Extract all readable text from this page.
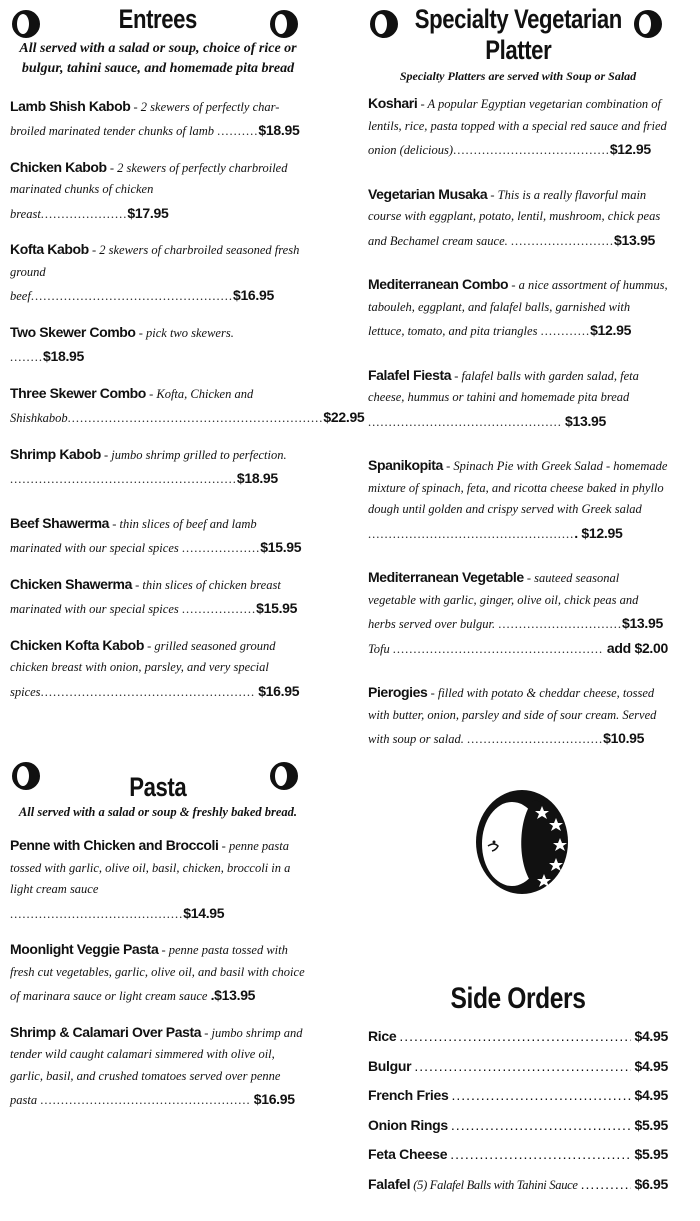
Entrees
All served with a salad or soup, choice of rice or bulgur, tahini sauce, and homemade pita bread
Lamb Shish Kabob - 2 skewers of perfectly char-broiled marinated tender chunks of lamb ..........$18.95
Chicken Kabob - 2 skewers of perfectly charbroiled marinated chunks of chicken breast.....................$17.95
Kofta Kabob - 2 skewers of charbroiled seasoned fresh ground beef.................................................$16.95
Two Skewer Combo - pick two skewers. ........$18.95
Three Skewer Combo - Kofta, Chicken and Shishkabob..............................................................$22.95
Shrimp Kabob - jumbo shrimp grilled to perfection. .......................................................$18.95
Beef Shawerma - thin slices of beef and lamb marinated with our special spices ...................$15.95
Chicken Shawerma - thin slices of chicken breast marinated with our special spices ..................$15.95
Chicken Kofta Kabob - grilled seasoned ground chicken breast with onion, parsley, and very special spices.................................................... $16.95
Pasta
All served with a salad or soup & freshly baked bread.
Penne with Chicken and Broccoli - penne pasta tossed with garlic, olive oil, basil, chicken, broccoli in a light cream sauce ..........................................$14.95
Moonlight Veggie Pasta - penne pasta tossed with fresh cut vegetables, garlic, olive oil, and basil with choice of marinara sauce or light cream sauce .$13.95
Shrimp & Calamari Over Pasta - jumbo shrimp and tender wild caught calamari simmered with olive oil, garlic, basil, and crushed tomatoes served over penne pasta ................................................... $16.95
Specialty Vegetarian
Platter
Specialty Platters are served with Soup or Salad
Koshari - A popular Egyptian vegetarian combination of lentils, rice, pasta topped with a special red sauce and fried onion (delicious)......................................$12.95
Vegetarian Musaka - This is a really flavorful main course with eggplant, potato, lentil, mushroom, chick peas and Bechamel cream sauce. .........................$13.95
Mediterranean Combo - a nice assortment of hummus, tabouleh, eggplant, and falafel balls, garnished with lettuce, tomato, and pita triangles ............$12.95
Falafel Fiesta - falafel balls with garden salad, feta cheese, hummus or tahini and homemade pita bread ............................................... $13.95
Spanikopita - Spinach Pie with Greek Salad - homemade mixture of spinach, feta, and ricotta cheese baked in phyllo dough until golden and crispy served with Greek salad ................................................... $12.95
Mediterranean Vegetable - sauteed seasonal vegetable with garlic, ginger, olive oil, chick peas and herbs served over bulgur. ..............................$13.95
Tofu .....	add $2.00
Pierogies - filled with potato & cheddar cheese, tossed with butter, onion, parsley and side of sour cream. Served with soup or salad. .................................$10.95
Side Orders
Rice .....	$4.95
Bulgur .....	$4.95
French Fries .....	$4.95
Onion Rings .....	$5.95
Feta Cheese .....	$5.95
Falafel (5) Falafel Balls with Tahini Sauce .....	$6.95
